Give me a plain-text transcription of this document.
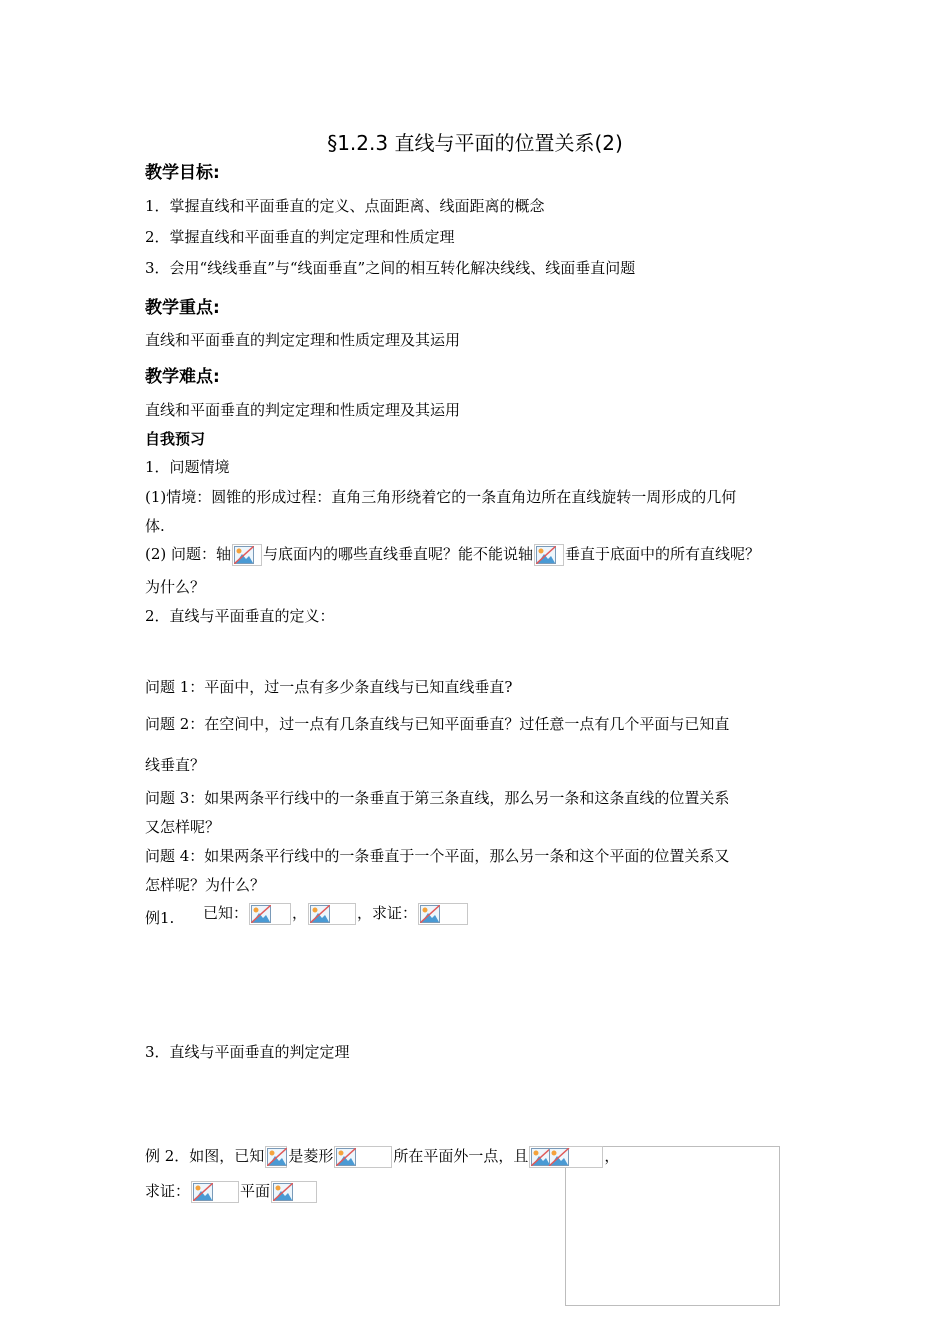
§1.2.3 直线与平面的位置关系(2)
教学目标:
1．掌握直线和平面垂直的定义、点面距离、线面距离的概念
2．掌握直线和平面垂直的判定定理和性质定理
3．会用“线线垂直”与“线面垂直”之间的相互转化解决线线、线面垂直问题
教学重点:
直线和平面垂直的判定定理和性质定理及其运用
教学难点:
直线和平面垂直的判定定理和性质定理及其运用
自我预习
1．问题情境
(1)情境：圆锥的形成过程：直角三角形绕着它的一条直角边所在直线旋转一周形成的几何
体.
(2) 问题：轴 与底面内的哪些直线垂直呢？能不能说轴 垂直于底面中的所有直线呢？
为什么？
2．直线与平面垂直的定义：
问题 1：平面中，过一点有多少条直线与已知直线垂直?
问题 2：在空间中，过一点有几条直线与已知平面垂直？过任意一点有几个平面与已知直
线垂直？
问题 3：如果两条平行线中的一条垂直于第三条直线，那么另一条和这条直线的位置关系
又怎样呢？
问题 4：如果两条平行线中的一条垂直于一个平面，那么另一条和这个平面的位置关系又
怎样呢？为什么？
例1. 已知：	，	，求证：
3．直线与平面垂直的判定定理
例 2．如图，已知 是菱形	所在平面外一点，且	，
求证：	平面
